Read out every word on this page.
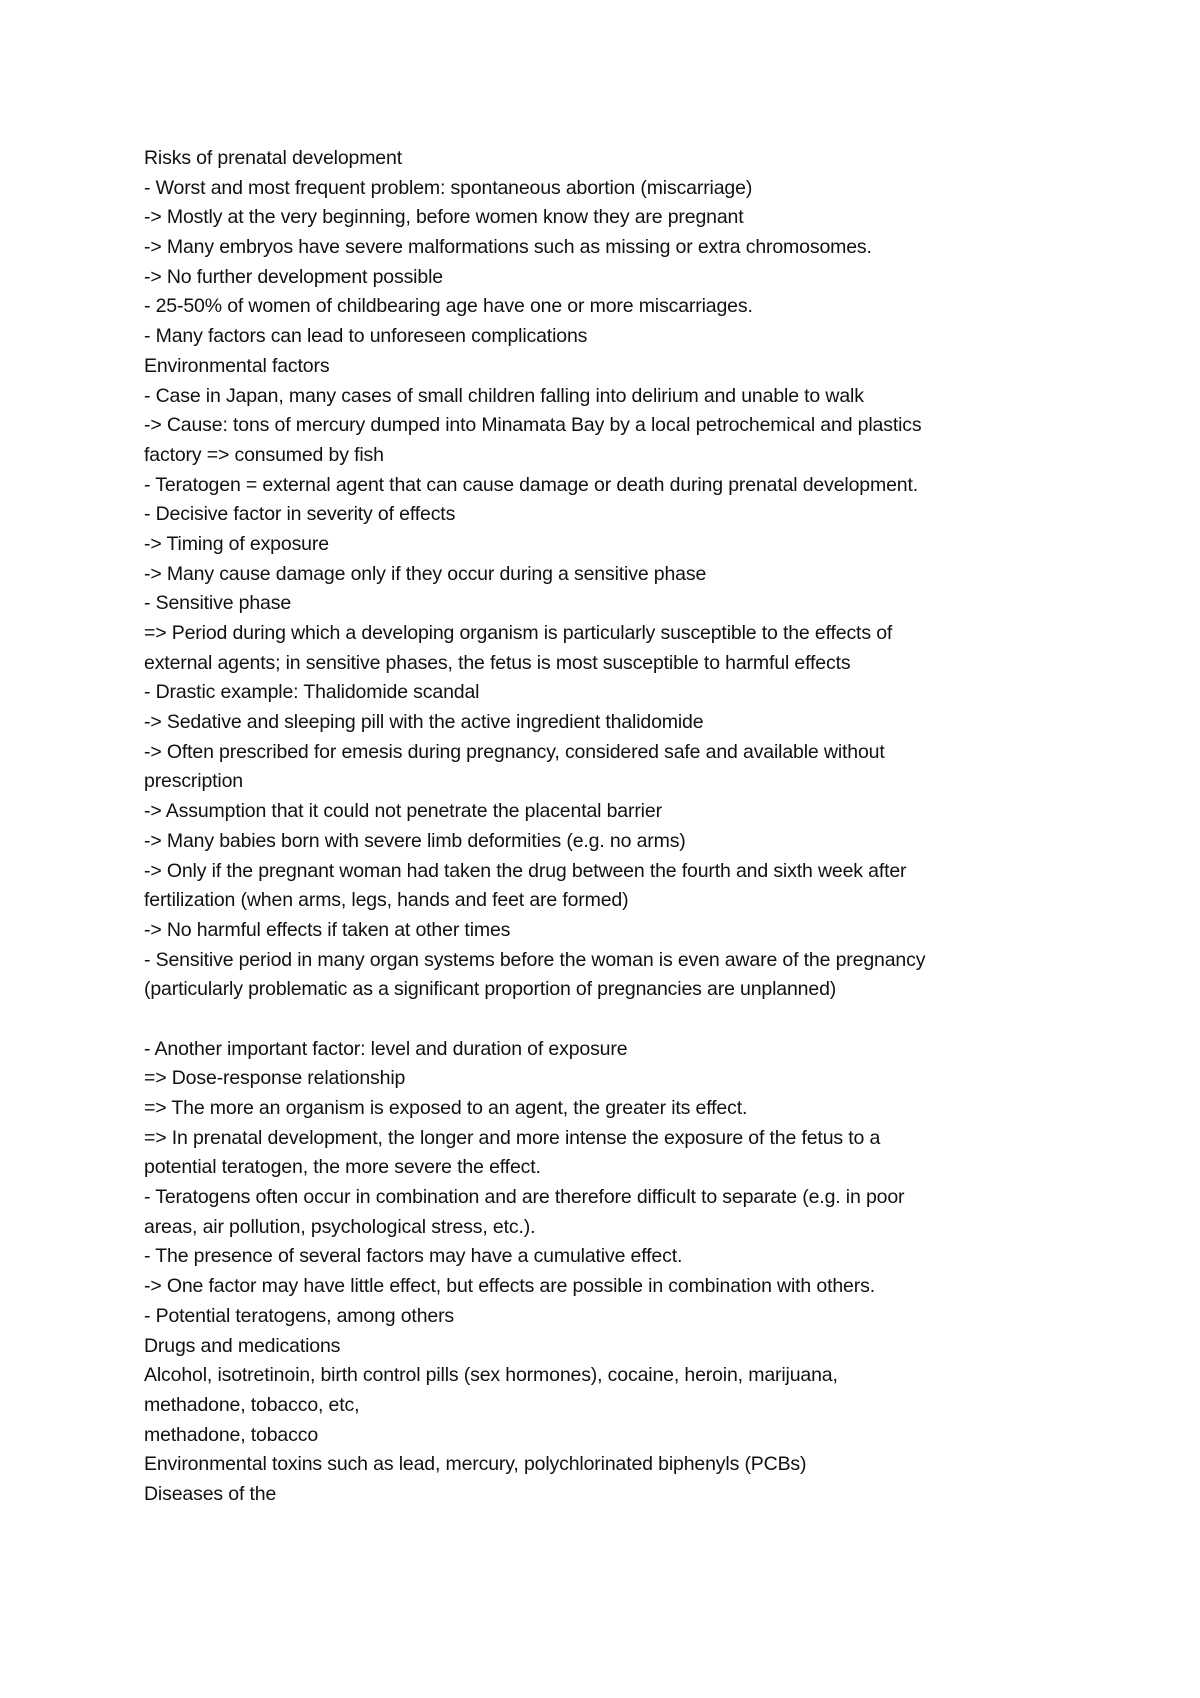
Risks of prenatal development
- Worst and most frequent problem: spontaneous abortion (miscarriage)
-> Mostly at the very beginning, before women know they are pregnant
-> Many embryos have severe malformations such as missing or extra chromosomes.
-> No further development possible
- 25-50% of women of childbearing age have one or more miscarriages.
- Many factors can lead to unforeseen complications
Environmental factors
- Case in Japan, many cases of small children falling into delirium and unable to walk
-> Cause: tons of mercury dumped into Minamata Bay by a local petrochemical and plastics
factory => consumed by fish
- Teratogen = external agent that can cause damage or death during prenatal development.
- Decisive factor in severity of effects
-> Timing of exposure
-> Many cause damage only if they occur during a sensitive phase
- Sensitive phase
=> Period during which a developing organism is particularly susceptible to the effects of
external agents; in sensitive phases, the fetus is most susceptible to harmful effects
- Drastic example: Thalidomide scandal
-> Sedative and sleeping pill with the active ingredient thalidomide
-> Often prescribed for emesis during pregnancy, considered safe and available without
prescription
-> Assumption that it could not penetrate the placental barrier
-> Many babies born with severe limb deformities (e.g. no arms)
-> Only if the pregnant woman had taken the drug between the fourth and sixth week after
fertilization (when arms, legs, hands and feet are formed)
-> No harmful effects if taken at other times
- Sensitive period in many organ systems before the woman is even aware of the pregnancy
(particularly problematic as a significant proportion of pregnancies are unplanned)
- Another important factor: level and duration of exposure
=> Dose-response relationship
=> The more an organism is exposed to an agent, the greater its effect.
=> In prenatal development, the longer and more intense the exposure of the fetus to a
potential teratogen, the more severe the effect.
- Teratogens often occur in combination and are therefore difficult to separate (e.g. in poor
areas, air pollution, psychological stress, etc.).
- The presence of several factors may have a cumulative effect.
-> One factor may have little effect, but effects are possible in combination with others.
- Potential teratogens, among others
Drugs and medications
Alcohol, isotretinoin, birth control pills (sex hormones), cocaine, heroin, marijuana,
methadone, tobacco, etc,
methadone, tobacco
Environmental toxins such as lead, mercury, polychlorinated biphenyls (PCBs)
Diseases of the
